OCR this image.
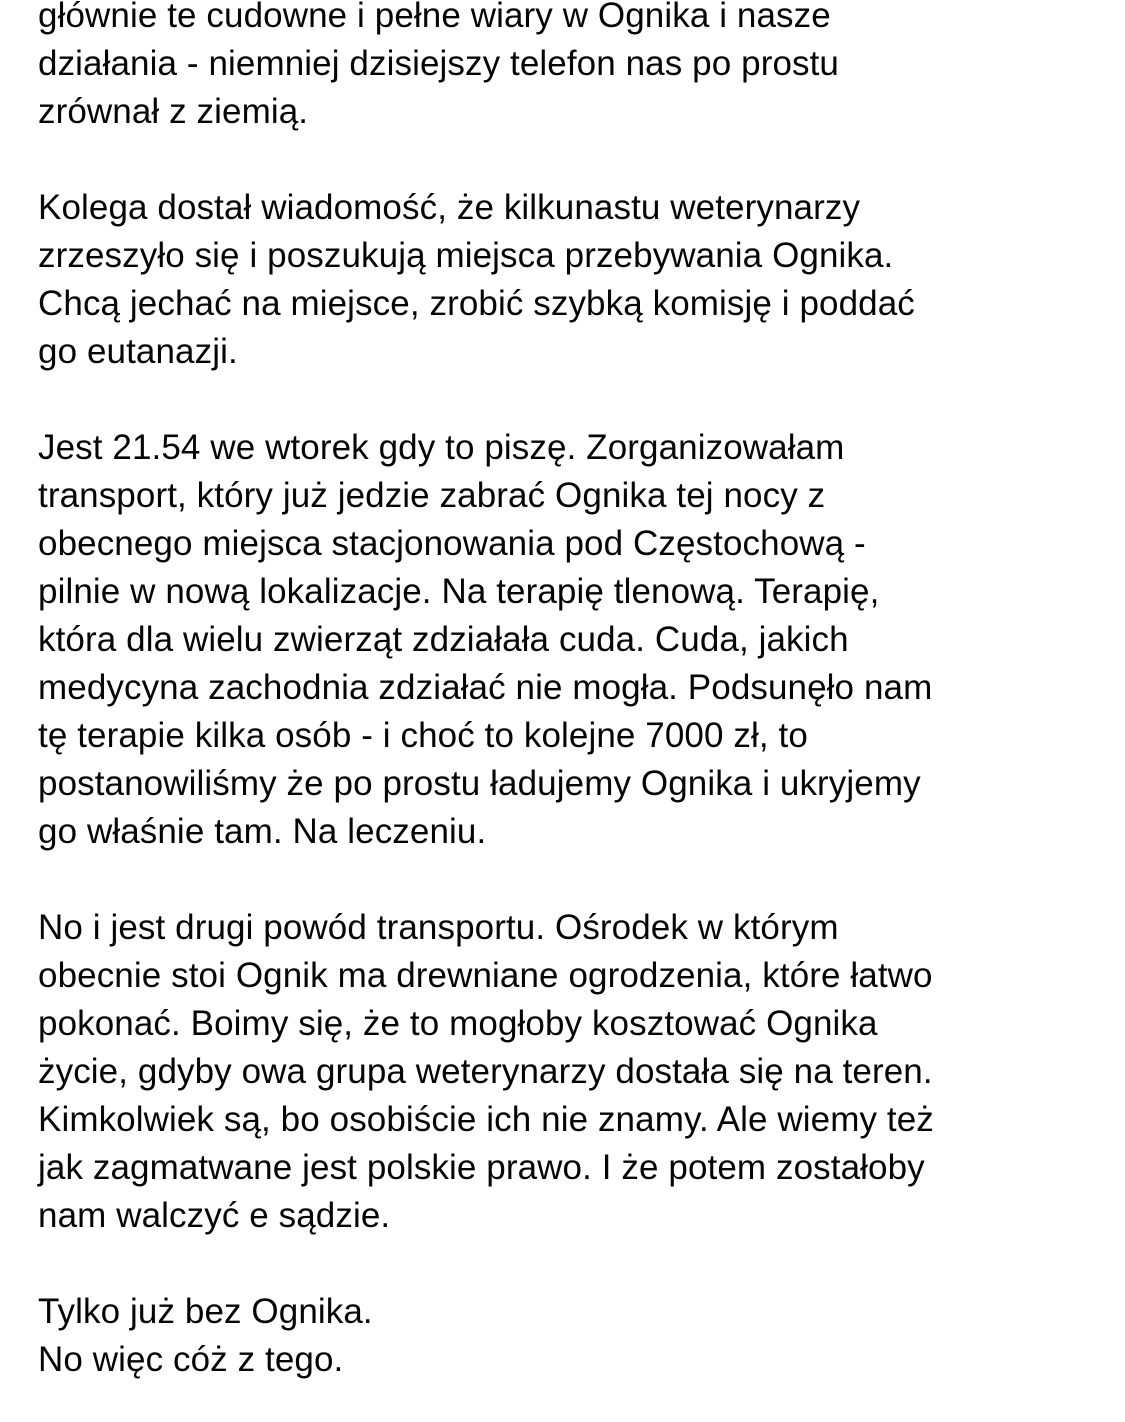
głównie te cudowne i pełne wiary w Ognika i nasze
działania - niemniej dzisiejszy telefon nas po prostu
zrównał z ziemią.

Kolega dostał wiadomość, że kilkunastu weterynarzy
zrzeszyło się i poszukują miejsca przebywania Ognika.
Chcą jechać na miejsce, zrobić szybką komisję i poddać
go eutanazji.

Jest 21.54 we wtorek gdy to piszę. Zorganizowałam
transport, który już jedzie zabrać Ognika tej nocy z
obecnego miejsca stacjonowania pod Częstochową -
pilnie w nową lokalizacje. Na terapię tlenową. Terapię,
która dla wielu zwierząt zdziałała cuda. Cuda, jakich
medycyna zachodnia zdziałać nie mogła. Podsunęło nam
tę terapie kilka osób - i choć to kolejne 7000 zł, to
postanowiliśmy że po prostu ładujemy Ognika i ukryjemy
go właśnie tam. Na leczeniu.

No i jest drugi powód transportu. Ośrodek w którym
obecnie stoi Ognik ma drewniane ogrodzenia, które łatwo
pokonać. Boimy się, że to mogłoby kosztować Ognika
życie, gdyby owa grupa weterynarzy dostała się na teren.
Kimkolwiek są, bo osobiście ich nie znamy. Ale wiemy też
jak zagmatwane jest polskie prawo. I że potem zostałoby
nam walczyć e sądzie.

Tylko już bez Ognika.
No więc cóż z tego.
